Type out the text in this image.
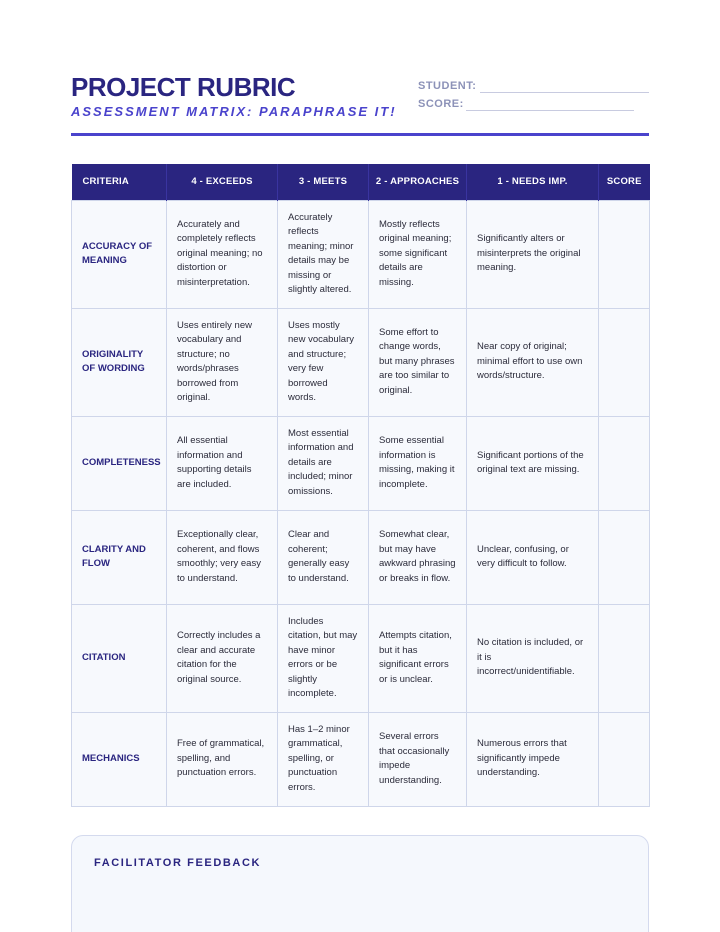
PROJECT RUBRIC
ASSESSMENT MATRIX: PARAPHRASE IT!
STUDENT:
SCORE:
CRITERIA	4 - EXCEEDS	3 - MEETS	2 - APPROACHES	1 - NEEDS IMP.	SCORE
ACCURACY OF MEANING	Accurately and completely reflects original meaning; no distortion or misinterpretation.	Accurately reflects meaning; minor details may be missing or slightly altered.	Mostly reflects original meaning; some significant details are missing.	Significantly alters or misinterprets the original meaning.	
ORIGINALITY OF WORDING	Uses entirely new vocabulary and structure; no words/phrases borrowed from original.	Uses mostly new vocabulary and structure; very few borrowed words.	Some effort to change words, but many phrases are too similar to original.	Near copy of original; minimal effort to use own words/structure.	
COMPLETENESS	All essential information and supporting details are included.	Most essential information and details are included; minor omissions.	Some essential information is missing, making it incomplete.	Significant portions of the original text are missing.	
CLARITY AND FLOW	Exceptionally clear, coherent, and flows smoothly; very easy to understand.	Clear and coherent; generally easy to understand.	Somewhat clear, but may have awkward phrasing or breaks in flow.	Unclear, confusing, or very difficult to follow.	
CITATION	Correctly includes a clear and accurate citation for the original source.	Includes citation, but may have minor errors or be slightly incomplete.	Attempts citation, but it has significant errors or is unclear.	No citation is included, or it is incorrect/unidentifiable.	
MECHANICS	Free of grammatical, spelling, and punctuation errors.	Has 1–2 minor grammatical, spelling, or punctuation errors.	Several errors that occasionally impede understanding.	Numerous errors that significantly impede understanding.	
FACILITATOR FEEDBACK
